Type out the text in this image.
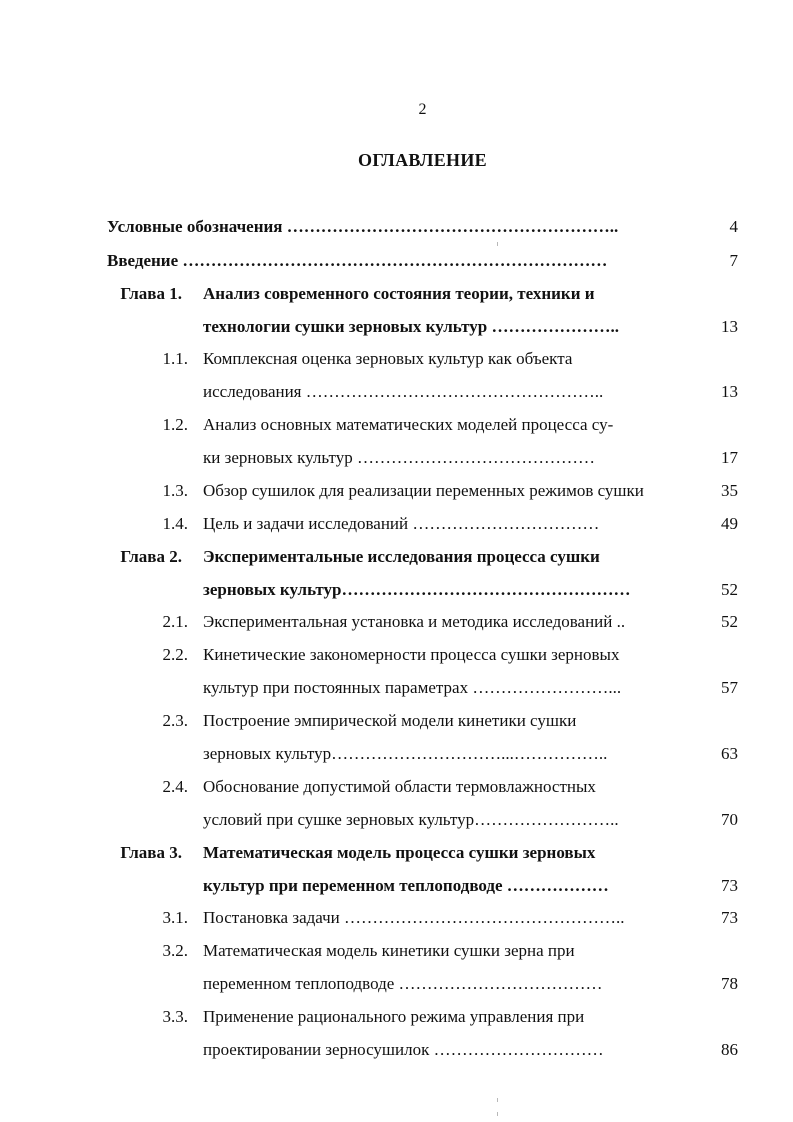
2
ОГЛАВЛЕНИЕ
Условные обозначения …………………………………………………..	4
Введение …………………………………………………………………	7
Глава 1. Анализ современного состояния теории, техники и
технологии сушки зерновых культур …………………..	13
1.1. Комплексная оценка зерновых культур как объекта
исследования ……………………………………………..	13
1.2. Анализ основных математических моделей процесса су-
ки зерновых культур ……………………………………	17
1.3. Обзор сушилок для реализации переменных режимов сушки	35
1.4. Цель и задачи исследований ……………………………	49
Глава 2. Экспериментальные исследования процесса сушки
зерновых культур……………………………………………	52
2.1. Экспериментальная установка и методика исследований ..	52
2.2. Кинетические закономерности процесса сушки зерновых
культур при постоянных параметрах ……………………...	57
2.3. Построение эмпирической модели кинетики сушки
зерновых культур…………………………...……………..	63
2.4. Обоснование допустимой области термовлажностных
условий при сушке зерновых культур……………………..	70
Глава 3. Математическая модель процесса сушки зерновых
культур при переменном теплоподводе ………………	73
3.1. Постановка задачи …………………………………………..	73
3.2. Математическая модель кинетики сушки зерна при
переменном теплоподводе ………………………………	78
3.3. Применение рационального режима управления при
проектировании зерносушилок …………………………	86
